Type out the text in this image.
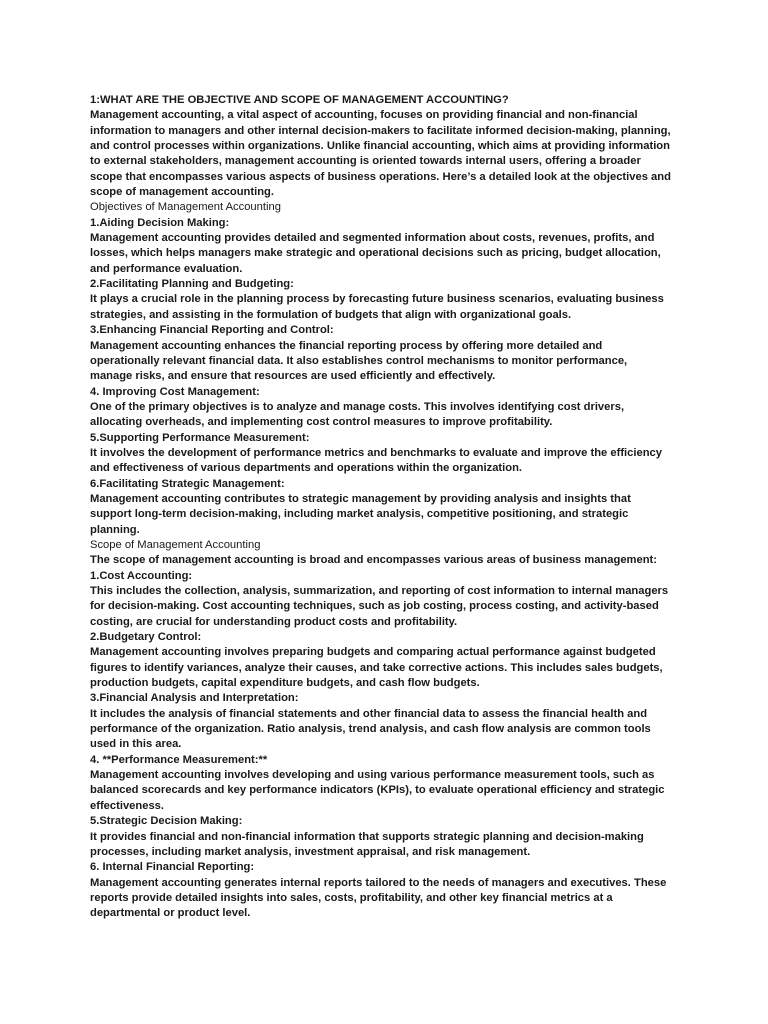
1:WHAT ARE THE OBJECTIVE AND SCOPE OF MANAGEMENT ACCOUNTING?
Management accounting, a vital aspect of accounting, focuses on providing financial and non-financial
information to managers and other internal decision-makers to facilitate informed decision-making, planning,
and control processes within organizations. Unlike financial accounting, which aims at providing information
to external stakeholders, management accounting is oriented towards internal users, offering a broader
scope that encompasses various aspects of business operations. Here’s a detailed look at the objectives and
scope of management accounting.
Objectives of Management Accounting
1.Aiding Decision Making:
Management accounting provides detailed and segmented information about costs, revenues, profits, and
losses, which helps managers make strategic and operational decisions such as pricing, budget allocation,
and performance evaluation.
2.Facilitating Planning and Budgeting:
It plays a crucial role in the planning process by forecasting future business scenarios, evaluating business
strategies, and assisting in the formulation of budgets that align with organizational goals.
3.Enhancing Financial Reporting and Control:
Management accounting enhances the financial reporting process by offering more detailed and
operationally relevant financial data. It also establishes control mechanisms to monitor performance,
manage risks, and ensure that resources are used efficiently and effectively.
4. Improving Cost Management:
One of the primary objectives is to analyze and manage costs. This involves identifying cost drivers,
allocating overheads, and implementing cost control measures to improve profitability.
5.Supporting Performance Measurement:
It involves the development of performance metrics and benchmarks to evaluate and improve the efficiency
and effectiveness of various departments and operations within the organization.
6.Facilitating Strategic Management:
Management accounting contributes to strategic management by providing analysis and insights that
support long-term decision-making, including market analysis, competitive positioning, and strategic
planning.
Scope of Management Accounting
The scope of management accounting is broad and encompasses various areas of business management:
1.Cost Accounting:
This includes the collection, analysis, summarization, and reporting of cost information to internal managers
for decision-making. Cost accounting techniques, such as job costing, process costing, and activity-based
costing, are crucial for understanding product costs and profitability.
2.Budgetary Control:
Management accounting involves preparing budgets and comparing actual performance against budgeted
figures to identify variances, analyze their causes, and take corrective actions. This includes sales budgets,
production budgets, capital expenditure budgets, and cash flow budgets.
3.Financial Analysis and Interpretation:
It includes the analysis of financial statements and other financial data to assess the financial health and
performance of the organization. Ratio analysis, trend analysis, and cash flow analysis are common tools
used in this area.
4. **Performance Measurement:**
Management accounting involves developing and using various performance measurement tools, such as
balanced scorecards and key performance indicators (KPIs), to evaluate operational efficiency and strategic
effectiveness.
5.Strategic Decision Making:
It provides financial and non-financial information that supports strategic planning and decision-making
processes, including market analysis, investment appraisal, and risk management.
6. Internal Financial Reporting:
Management accounting generates internal reports tailored to the needs of managers and executives. These
reports provide detailed insights into sales, costs, profitability, and other key financial metrics at a
departmental or product level.
